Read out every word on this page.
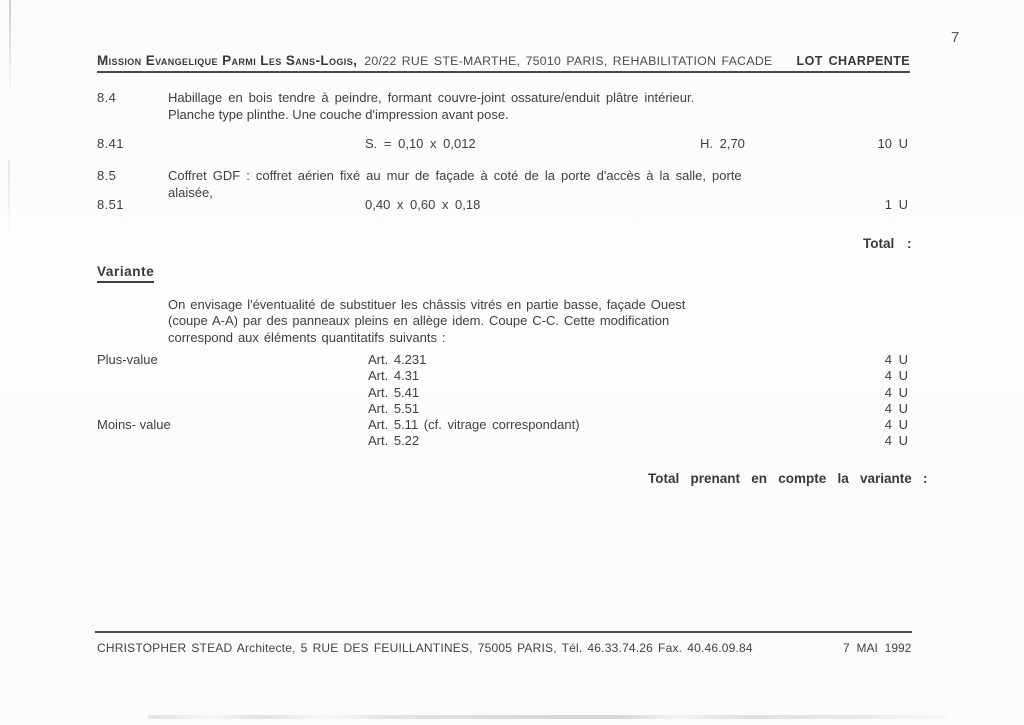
7
Mission Evangelique Parmi Les Sans-Logis, 20/22 RUE STE-MARTHE, 75010 PARIS, REHABILITATION FACADE LOT CHARPENTE
8.4	Habillage en bois tendre à peindre, formant couvre-joint ossature/enduit plâtre intérieur.
Planche type plinthe. Une couche d'impression avant pose.
8.41	S. = 0,10 x 0,012	H. 2,70	10 U
8.5	Coffret GDF : coffret aérien fixé au mur de façade à coté de la porte d'accès à la salle, porte
alaisée,
8.51	0,40 x 0,60 x 0,18	1 U
Total :
Variante
On envisage l'éventualité de substituer les châssis vitrés en partie basse, façade Ouest
(coupe A-A) par des panneaux pleins en allège idem. Coupe C-C. Cette modification
correspond aux éléments quantitatifs suivants :
Plus-value	Art. 4.231	4 U
Art. 4.31	4 U
Art. 5.41	4 U
Art. 5.51	4 U
Moins- value	Art. 5.11 (cf. vitrage correspondant)	4 U
Art. 5.22	4 U
Total prenant en compte la variante :
CHRISTOPHER STEAD Architecte, 5 RUE DES FEUILLANTINES, 75005 PARIS, Tél. 46.33.74.26 Fax. 40.46.09.84	7 MAI 1992
